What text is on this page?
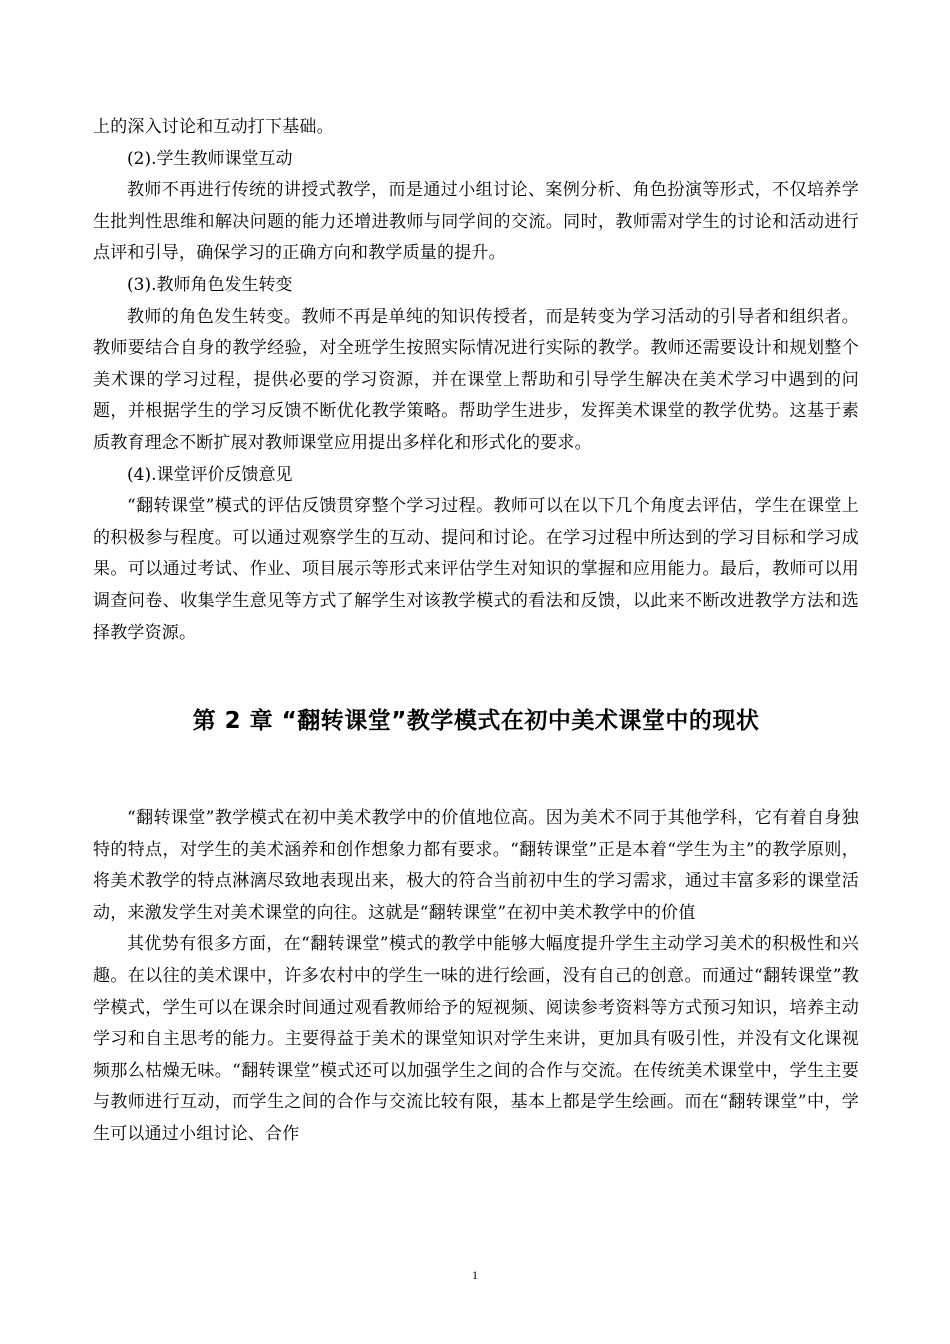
上的深入讨论和互动打下基础。

(2).学生教师课堂互动

教师不再进行传统的讲授式教学，而是通过小组讨论、案例分析、角色扮演等形式，不仅培养学生批判性思维和解决问题的能力还增进教师与同学间的交流。同时，教师需对学生的讨论和活动进行点评和引导，确保学习的正确方向和教学质量的提升。

(3).教师角色发生转变

教师的角色发生转变。教师不再是单纯的知识传授者，而是转变为学习活动的引导者和组织者。教师要结合自身的教学经验，对全班学生按照实际情况进行实际的教学。教师还需要设计和规划整个美术课的学习过程，提供必要的学习资源，并在课堂上帮助和引导学生解决在美术学习中遇到的问题，并根据学生的学习反馈不断优化教学策略。帮助学生进步，发挥美术课堂的教学优势。这基于素质教育理念不断扩展对教师课堂应用提出多样化和形式化的要求。

(4).课堂评价反馈意见

“翻转课堂”模式的评估反馈贯穿整个学习过程。教师可以在以下几个角度去评估，学生在课堂上的积极参与程度。可以通过观察学生的互动、提问和讨论。在学习过程中所达到的学习目标和学习成果。可以通过考试、作业、项目展示等形式来评估学生对知识的掌握和应用能力。最后，教师可以用调查问卷、收集学生意见等方式了解学生对该教学模式的看法和反馈，以此来不断改进教学方法和选择教学资源。

第 2 章 “翻转课堂”教学模式在初中美术课堂中的现状

“翻转课堂”教学模式在初中美术教学中的价值地位高。因为美术不同于其他学科，它有着自身独特的特点，对学生的美术涵养和创作想象力都有要求。“翻转课堂”正是本着“学生为主”的教学原则，将美术教学的特点淋漓尽致地表现出来，极大的符合当前初中生的学习需求，通过丰富多彩的课堂活动，来激发学生对美术课堂的向往。这就是“翻转课堂”在初中美术教学中的价值

其优势有很多方面，在“翻转课堂”模式的教学中能够大幅度提升学生主动学习美术的积极性和兴趣。在以往的美术课中，许多农村中的学生一味的进行绘画，没有自己的创意。而通过“翻转课堂”教学模式，学生可以在课余时间通过观看教师给予的短视频、阅读参考资料等方式预习知识，培养主动学习和自主思考的能力。主要得益于美术的课堂知识对学生来讲，更加具有吸引性，并没有文化课视频那么枯燥无味。“翻转课堂”模式还可以加强学生之间的合作与交流。在传统美术课堂中，学生主要与教师进行互动，而学生之间的合作与交流比较有限，基本上都是学生绘画。而在“翻转课堂”中，学生可以通过小组讨论、合作

1
